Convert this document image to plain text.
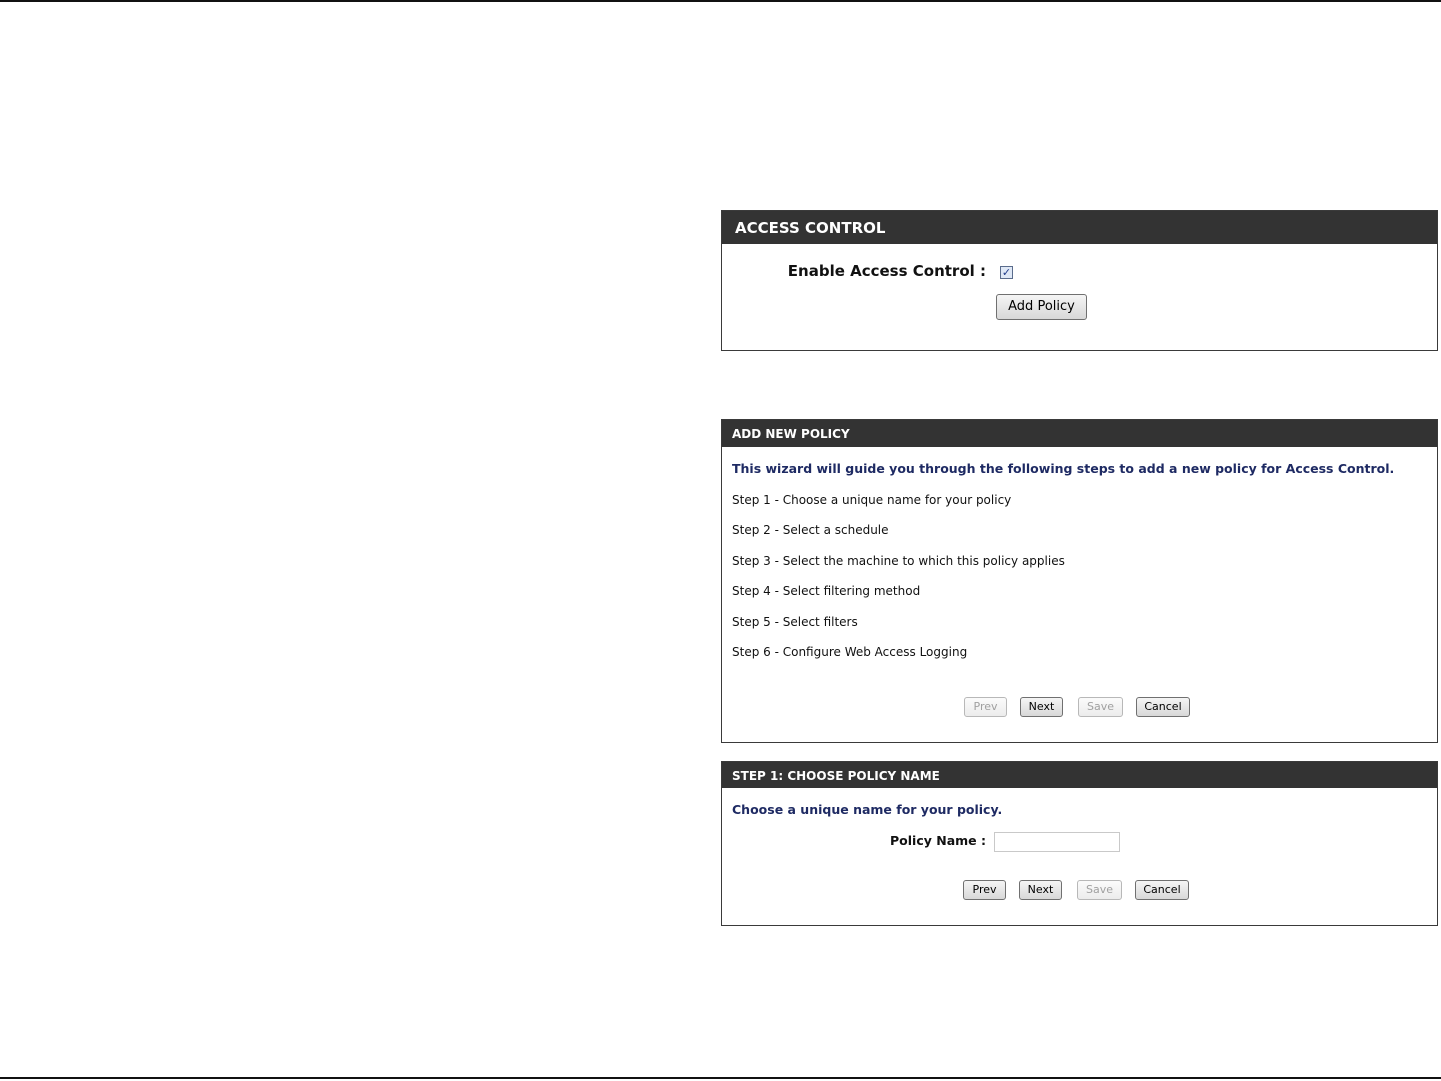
ACCESS CONTROL
Enable Access Control : ✓
Add Policy
ADD NEW POLICY
This wizard will guide you through the following steps to add a new policy for Access Control.
Step 1 - Choose a unique name for your policy
Step 2 - Select a schedule
Step 3 - Select the machine to which this policy applies
Step 4 - Select filtering method
Step 5 - Select filters
Step 6 - Configure Web Access Logging
Prev	Next	Save	Cancel
STEP 1: CHOOSE POLICY NAME
Choose a unique name for your policy.
Policy Name :
Prev	Next	Save	Cancel
